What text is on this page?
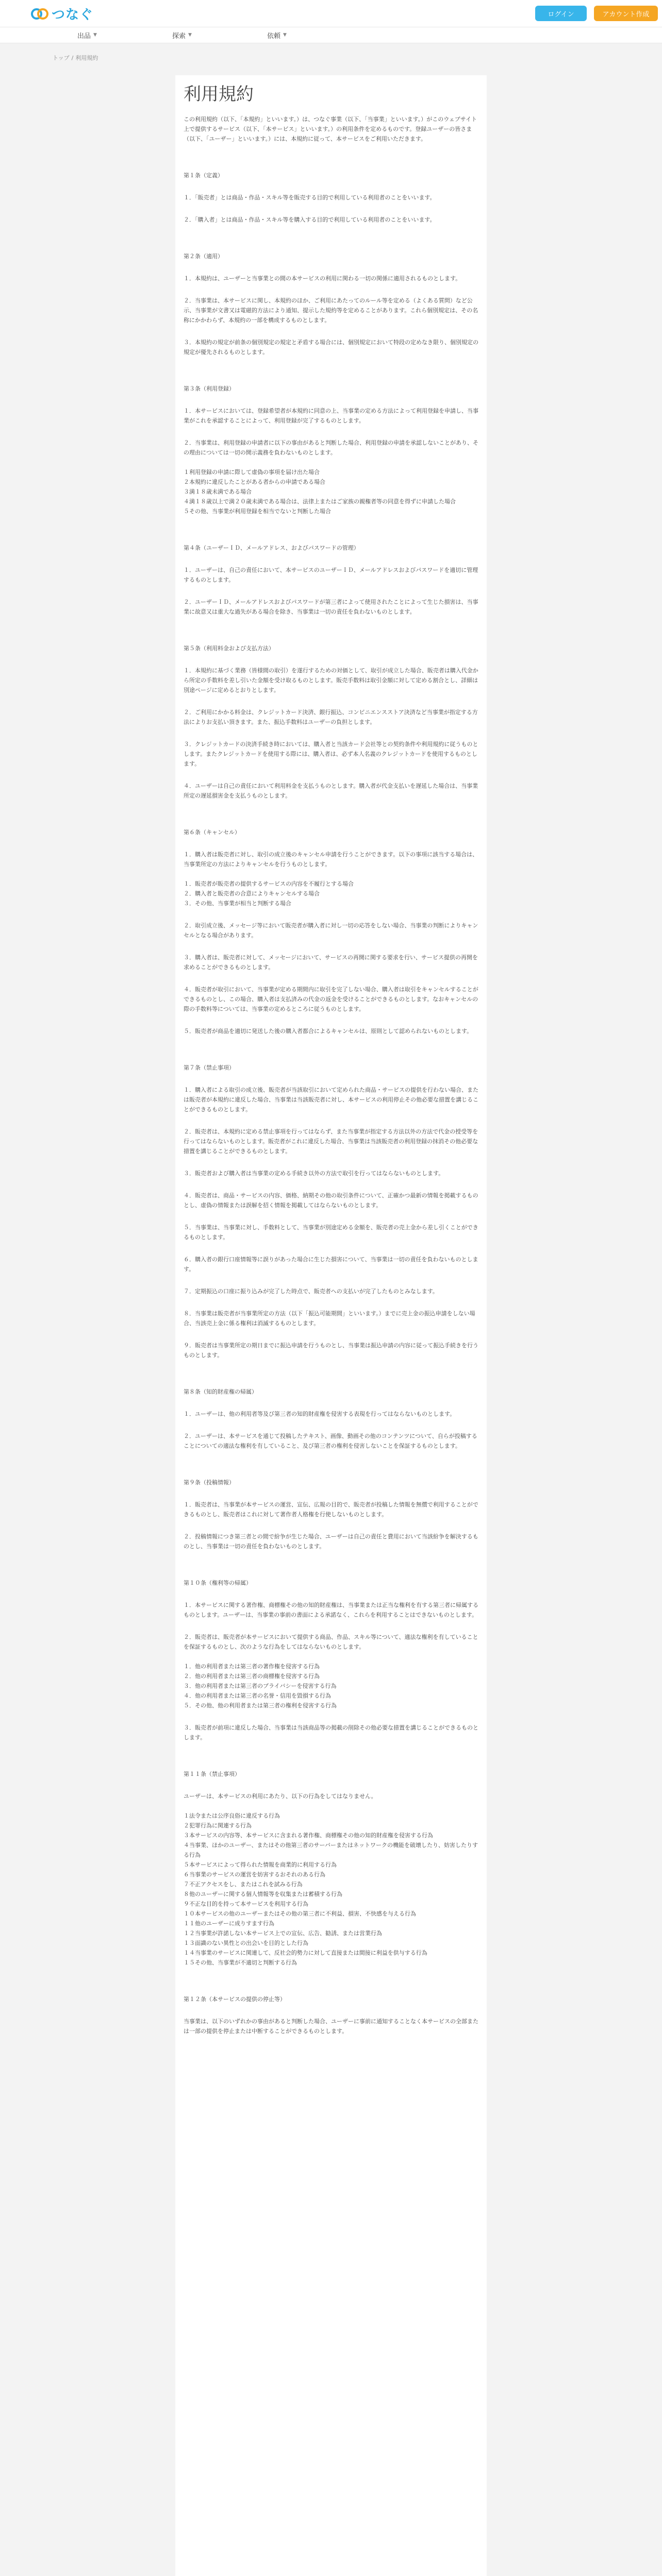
つなぐ	ログイン	アカウント作成
出品 ▼	探索 ▼	依頼 ▼
トップ / 利用規約
利用規約

この利用規約（以下、「本規約」といいます。）は、つなぐ事業（以下、「当事業」といいます。）がこのウェブサイト上で提供するサービス（以下、「本サービス」といいます。）の利用条件を定めるものです。登録ユーザーの皆さま（以下、「ユーザー」といいます。）には、本規約に従って、本サービスをご利用いただきます。

第１条（定義）

１．「販売者」とは商品・作品・スキル等を販売する目的で利用している利用者のことをいいます。

２．「購入者」とは商品・作品・スキル等を購入する目的で利用している利用者のことをいいます。

第２条（適用）

１．本規約は、ユーザーと当事業との間の本サービスの利用に関わる一切の関係に適用されるものとします。

２．当事業は、本サービスに関し、本規約のほか、ご利用にあたってのルール等を定める（よくある質問）など公示、当事業が文書又は電磁的方法により通知、提示した規約等を定めることがあります。これら個別規定は、その名称にかかわらず、本規約の一部を構成するものとします。

３．本規約の規定が前条の個別規定の規定と矛盾する場合には、個別規定において特段の定めなき限り、個別規定の規定が優先されるものとします。

第３条（利用登録）

１．本サービスにおいては、登録希望者が本規約に同意の上、当事業の定める方法によって利用登録を申請し、当事業がこれを承認することによって、利用登録が完了するものとします。

２．当事業は、利用登録の申請者に以下の事由があると判断した場合、利用登録の申請を承認しないことがあり、その理由については一切の開示義務を負わないものとします。

１利用登録の申請に際して虚偽の事項を届け出た場合
２本規約に違反したことがある者からの申請である場合
３満１８歳未満である場合
４満１８歳以上で満２０歳未満である場合は、法律上またはご家族の親権者等の同意を得ずに申請した場合
５その他、当事業が利用登録を相当でないと判断した場合

第４条（ユーザーＩＤ、メールアドレス、およびパスワードの管理）

１．ユーザーは、自己の責任において、本サービスのユーザーＩＤ、メールアドレスおよびパスワードを適切に管理するものとします。

２．ユーザーＩＤ、メールアドレスおよびパスワードが第三者によって使用されたことによって生じた損害は、当事業に故意又は重大な過失がある場合を除き、当事業は一切の責任を負わないものとします。

第５条（利用料金および支払方法）

１．本規約に基づく業務（皆様間の取引）を遂行するための対価として、取引が成立した場合、販売者は購入代金から所定の手数料を差し引いた金額を受け取るものとします。販売手数料は取引金額に対して定める割合とし、詳細は別途ページに定めるとおりとします。

２．ご利用にかかる料金は、クレジットカード決済、銀行振込、コンビニエンスストア決済など当事業が指定する方法によりお支払い頂きます。また、振込手数料はユーザーの負担とします。

３．クレジットカードの決済手続き時においては、購入者と当該カード会社等との契約条件や利用規約に従うものとします。またクレジットカードを使用する際には、購入者は、必ず本人名義のクレジットカードを使用するものとします。

４．ユーザーは自己の責任において利用料金を支払うものとします。購入者が代金支払いを遅延した場合は、当事業所定の遅延損害金を支払うものとします。

第６条（キャンセル）

１．購入者は販売者に対し、取引の成立後のキャンセル申請を行うことができます。以下の事項に該当する場合は、当事業所定の方法によりキャンセルを行うものとします。

１．販売者が販売者の提供するサービスの内容を不履行とする場合
２．購入者と販売者の合意によりキャンセルする場合
３．その他、当事業が相当と判断する場合

２．取引成立後、メッセージ等において販売者が購入者に対し一切の応答をしない場合、当事業の判断によりキャンセルとなる場合があります。

３．購入者は、販売者に対して、メッセージにおいて、サービスの再開に関する要求を行い、サービス提供の再開を求めることができるものとします。

４．販売者が取引において、当事業が定める期間内に取引を完了しない場合、購入者は取引をキャンセルすることができるものとし、この場合、購入者は支払済みの代金の返金を受けることができるものとします。なおキャンセルの際の手数料等については、当事業の定めるところに従うものとします。

５．販売者が商品を適切に発送した後の購入者都合によるキャンセルは、原則として認められないものとします。

第７条（禁止事項）

１．購入者による取引の成立後、販売者が当該取引において定められた商品・サービスの提供を行わない場合、または販売者が本規約に違反した場合、当事業は当該販売者に対し、本サービスの利用停止その他必要な措置を講じることができるものとします。

２．販売者は、本規約に定める禁止事項を行ってはならず、また当事業が指定する方法以外の方法で代金の授受等を行ってはならないものとします。販売者がこれに違反した場合、当事業は当該販売者の利用登録の抹消その他必要な措置を講じることができるものとします。

３．販売者および購入者は当事業の定める手続き以外の方法で取引を行ってはならないものとします。

４．販売者は、商品・サービスの内容、価格、納期その他の取引条件について、正確かつ最新の情報を掲載するものとし、虚偽の情報または誤解を招く情報を掲載してはならないものとします。

５．当事業は、当事業に対し、手数料として、当事業が別途定める金額を、販売者の売上金から差し引くことができるものとします。

６．購入者の銀行口座情報等に誤りがあった場合に生じた損害について、当事業は一切の責任を負わないものとします。

７．定期振込の口座に振り込みが完了した時点で、販売者への支払いが完了したものとみなします。

８．当事業は販売者が当事業所定の方法（以下「振込可能期間」といいます。）までに売上金の振込申請をしない場合、当該売上金に係る権利は消滅するものとします。

９．販売者は当事業所定の期日までに振込申請を行うものとし、当事業は振込申請の内容に従って振込手続きを行うものとします。

第８条（知的財産権の帰属）

１．ユーザーは、他の利用者等及び第三者の知的財産権を侵害する表現を行ってはならないものとします。

２．ユーザーは、本サービスを通じて投稿したテキスト、画像、動画その他のコンテンツについて、自らが投稿することについての適法な権利を有していること、及び第三者の権利を侵害しないことを保証するものとします。

第９条（投稿情報）

１．販売者は、当事業が本サービスの運営、宣伝、広報の目的で、販売者が投稿した情報を無償で利用することができるものとし、販売者はこれに対して著作者人格権を行使しないものとします。

２．投稿情報につき第三者との間で紛争が生じた場合、ユーザーは自己の責任と費用において当該紛争を解決するものとし、当事業は一切の責任を負わないものとします。

第１０条（権利等の帰属）

１．本サービスに関する著作権、商標権その他の知的財産権は、当事業または正当な権利を有する第三者に帰属するものとします。ユーザーは、当事業の事前の書面による承諾なく、これらを利用することはできないものとします。

２．販売者は、販売者が本サービスにおいて提供する商品、作品、スキル等について、適法な権利を有していることを保証するものとし、次のような行為をしてはならないものとします。

１．他の利用者または第三者の著作権を侵害する行為
２．他の利用者または第三者の商標権を侵害する行為
３．他の利用者または第三者のプライバシーを侵害する行為
４．他の利用者または第三者の名誉・信用を毀損する行為
５．その他、他の利用者または第三者の権利を侵害する行為

３．販売者が前項に違反した場合、当事業は当該商品等の掲載の削除その他必要な措置を講じることができるものとします。

第１１条（禁止事項）

ユーザーは、本サービスの利用にあたり、以下の行為をしてはなりません。

１法令または公序良俗に違反する行為
２犯罪行為に関連する行為
３本サービスの内容等、本サービスに含まれる著作権、商標権その他の知的財産権を侵害する行為
４当事業、ほかのユーザー、またはその他第三者のサーバーまたはネットワークの機能を破壊したり、妨害したりする行為
５本サービスによって得られた情報を商業的に利用する行為
６当事業のサービスの運営を妨害するおそれのある行為
７不正アクセスをし、またはこれを試みる行為
８他のユーザーに関する個人情報等を収集または蓄積する行為
９不正な目的を持って本サービスを利用する行為
１０本サービスの他のユーザーまたはその他の第三者に不利益、損害、不快感を与える行為
１１他のユーザーに成りすます行為
１２当事業が許諾しない本サービス上での宣伝、広告、勧誘、または営業行為
１３面識のない異性との出会いを目的とした行為
１４当事業のサービスに関連して、反社会的勢力に対して直接または間接に利益を供与する行為
１５その他、当事業が不適切と判断する行為

第１２条（本サービスの提供の停止等）

当事業は、以下のいずれかの事由があると判断した場合、ユーザーに事前に通知することなく本サービスの全部または一部の提供を停止または中断することができるものとします。
